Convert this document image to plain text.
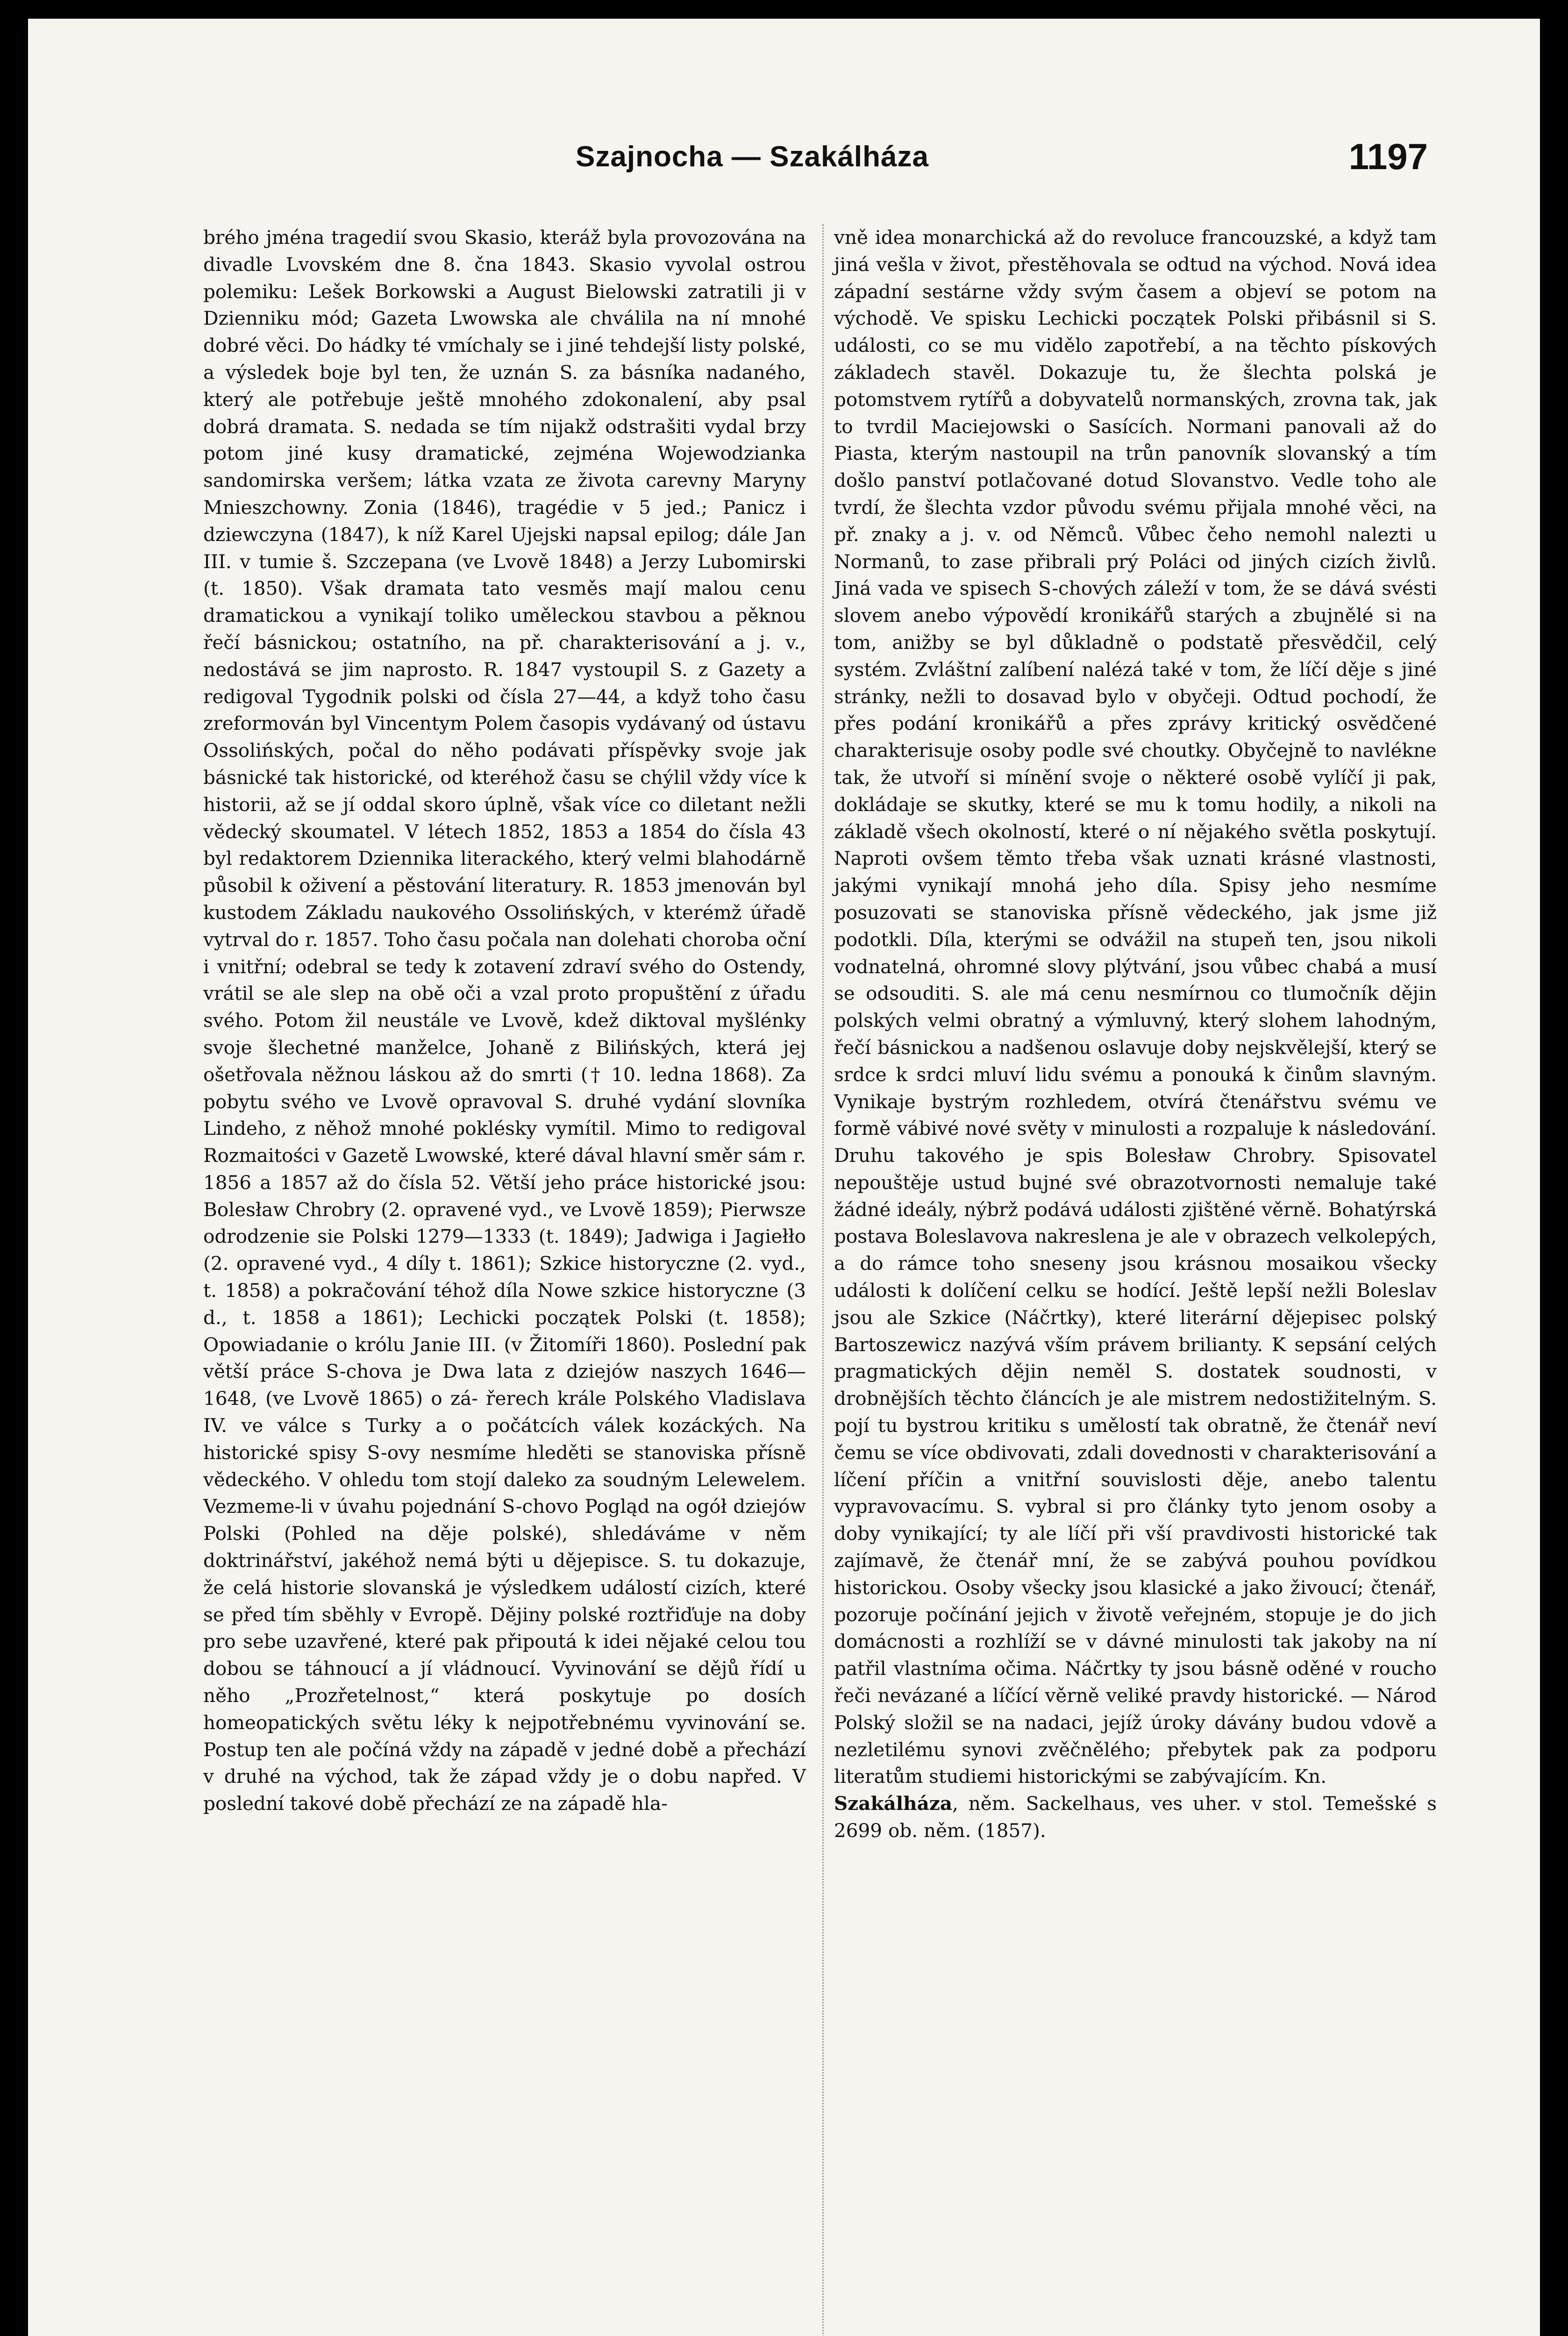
Szajnocha — Szakálháza	1197

brého jména tragedií svou Skasio, kteráž byla provozována na divadle Lvovském dne 8. čna 1843. Skasio vyvolal ostrou polemiku: Lešek Borkowski a August Bielowski zatratili ji v Dzienniku mód; Gazeta Lwowska ale chválila na ní mnohé dobré věci. Do hádky té vmíchaly se i jiné tehdejší listy polské, a výsledek boje byl ten, že uznán S. za básníka nadaného, který ale potřebuje ještě mnohého zdokonalení, aby psal dobrá dramata. S. nedada se tím nijakž odstrašiti vydal brzy potom jiné kusy dramatické, zejména Wojewodzianka sandomirska veršem; látka vzata ze života carevny Maryny Mnieszchowny. Zonia (1846), tragédie v 5 jed.; Panicz i dziewczyna (1847), k níž Karel Ujejski napsal epilog; dále Jan III. v tumie š. Szczepana (ve Lvově 1848) a Jerzy Lubomirski (t. 1850). Však dramata tato vesměs mají malou cenu dramatickou a vynikají toliko uměleckou stavbou a pěknou řečí básnickou; ostatního, na př. charakterisování a j. v., nedostává se jim naprosto. R. 1847 vystoupil S. z Gazety a redigoval Tygodnik polski od čísla 27—44, a když toho času zreformován byl Vincentym Polem časopis vydávaný od ústavu Ossolińských, počal do něho podávati příspěvky svoje jak básnické tak historické, od kteréhož času se chýlil vždy více k historii, až se jí oddal skoro úplně, však více co diletant nežli vědecký skoumatel. V létech 1852, 1853 a 1854 do čísla 43 byl redaktorem Dziennika literackého, který velmi blahodárně působil k oživení a pěstování literatury. R. 1853 jmenován byl kustodem Základu naukového Ossolińských, v kterémž úřadě vytrval do r. 1857. Toho času počala nan dolehati choroba oční i vnitřní; odebral se tedy k zotavení zdraví svého do Ostendy, vrátil se ale slep na obě oči a vzal proto propuštění z úřadu svého. Potom žil neustále ve Lvově, kdež diktoval myšlénky svoje šlechetné manželce, Johaně z Bilińských, která jej ošetřovala něžnou láskou až do smrti († 10. ledna 1868). Za pobytu svého ve Lvově opravoval S. druhé vydání slovníka Lindeho, z něhož mnohé poklésky vymítil. Mimo to redigoval Rozmaitości v Gazetě Lwowské, které dával hlavní směr sám r. 1856 a 1857 až do čísla 52. Větší jeho práce historické jsou: Bolesław Chrobry (2. opravené vyd., ve Lvově 1859); Pierwsze odrodzenie sie Polski 1279—1333 (t. 1849); Jadwiga i Jagiełło (2. opravené vyd., 4 díly t. 1861); Szkice historyczne (2. vyd., t. 1858) a pokračování téhož díla Nowe szkice historyczne (3 d., t. 1858 a 1861); Lechicki początek Polski (t. 1858); Opowiadanie o królu Janie III. (v Žitomíři 1860). Poslední pak větší práce S-chova je Dwa lata z dziejów naszych 1646—1648, (ve Lvově 1865) o zá- řerech krále Polského Vladislava IV. ve válce s Turky a o počátcích válek kozáckých. Na historické spisy S-ovy nesmíme hleděti se stanoviska přísně vědeckého. V ohledu tom stojí daleko za soudným Lelewelem. Vezmeme-li v úvahu pojednání S-chovo Pogląd na ogół dziejów Polski (Pohled na děje polské), shledáváme v něm doktrinářství, jakéhož nemá býti u dějepisce. S. tu dokazuje, že celá historie slovanská je výsledkem událostí cizích, které se před tím sběhly v Evropě. Dějiny polské roztřiďuje na doby pro sebe uzavřené, které pak připoutá k idei nějaké celou tou dobou se táhnoucí a jí vládnoucí. Vyvinování se dějů řídí u něho „Prozřetelnost,“ která poskytuje po dosích homeopatických světu léky k nejpotřebnému vyvinování se. Postup ten ale počíná vždy na západě v jedné době a přechází v druhé na východ, tak že západ vždy je o dobu napřed. V poslední takové době přechází ze na západě hla-

vně idea monarchická až do revoluce francouzské, a když tam jiná vešla v život, přestěhovala se odtud na východ. Nová idea západní sestárne vždy svým časem a objeví se potom na východě. Ve spisku Lechicki początek Polski přibásnil si S. události, co se mu vidělo zapotřebí, a na těchto pískových základech stavěl. Dokazuje tu, že šlechta polská je potomstvem rytířů a dobyvatelů normanských, zrovna tak, jak to tvrdil Maciejowski o Sasících. Normani panovali až do Piasta, kterým nastoupil na trůn panovník slovanský a tím došlo panství potlačované dotud Slovanstvo. Vedle toho ale tvrdí, že šlechta vzdor původu svému přijala mnohé věci, na př. znaky a j. v. od Němců. Vůbec čeho nemohl nalezti u Normanů, to zase přibrali prý Poláci od jiných cizích živlů. Jiná vada ve spisech S-chových záleží v tom, že se dává svésti slovem anebo výpovědí kronikářů starých a zbujnělé si na tom, anižby se byl důkladně o podstatě přesvědčil, celý systém. Zvláštní zalíbení nalézá také v tom, že líčí děje s jiné stránky, nežli to dosavad bylo v obyčeji. Odtud pochodí, že přes podání kronikářů a přes zprávy kritický osvědčené charakterisuje osoby podle své choutky. Obyčejně to navlékne tak, že utvoří si mínění svoje o některé osobě vylíčí ji pak, dokládaje se skutky, které se mu k tomu hodily, a nikoli na základě všech okolností, které o ní nějakého světla poskytují. Naproti ovšem těmto třeba však uznati krásné vlastnosti, jakými vynikají mnohá jeho díla. Spisy jeho nesmíme posuzovati se stanoviska přísně vědeckého, jak jsme již podotkli. Díla, kterými se odvážil na stupeň ten, jsou nikoli vodnatelná, ohromné slovy plýtvání, jsou vůbec chabá a musí se odsouditi. S. ale má cenu nesmírnou co tlumočník dějin polských velmi obratný a výmluvný, který slohem lahodným, řečí básnickou a nadšenou oslavuje doby nejskvělejší, který se srdce k srdci mluví lidu svému a ponouká k činům slavným. Vynikaje bystrým rozhledem, otvírá čtenářstvu svému ve formě vábivé nové světy v minulosti a rozpaluje k následování. Druhu takového je spis Bolesław Chrobry. Spisovatel nepouštěje ustud bujné své obrazotvornosti nemaluje také žádné ideály, nýbrž podává události zjištěné věrně. Bohatýrská postava Boleslavova nakreslena je ale v obrazech velkolepých, a do rámce toho sneseny jsou krásnou mosaikou všecky události k dolíčení celku se hodící. Ještě lepší nežli Boleslav jsou ale Szkice (Náčrtky), které literární dějepisec polský Bartoszewicz nazývá vším právem brilianty. K sepsání celých pragmatických dějin neměl S. dostatek soudnosti, v drobnějších těchto článcích je ale mistrem nedostižitelným. S. pojí tu bystrou kritiku s umělostí tak obratně, že čtenář neví čemu se více obdivovati, zdali dovednosti v charakterisování a líčení příčin a vnitřní souvislosti děje, anebo talentu vypravovacímu. S. vybral si pro články tyto jenom osoby a doby vynikající; ty ale líčí při vší pravdivosti historické tak zajímavě, že čtenář mní, že se zabývá pouhou povídkou historickou. Osoby všecky jsou klasické a jako živoucí; čtenář, pozoruje počínání jejich v životě veřejném, stopuje je do jich domácnosti a rozhlíží se v dávné minulosti tak jakoby na ní patřil vlastníma očima. Náčrtky ty jsou básně oděné v roucho řeči nevázané a líčící věrně veliké pravdy historické. — Národ Polský složil se na nadaci, jejíž úroky dávány budou vdově a nezletilému synovi zvěčnělého; přebytek pak za podporu literatům studiemi historickými se zabývajícím. Kn.

Szakálháza, něm. Sackelhaus, ves uher. v stol. Temešské s 2699 ob. něm. (1857).
